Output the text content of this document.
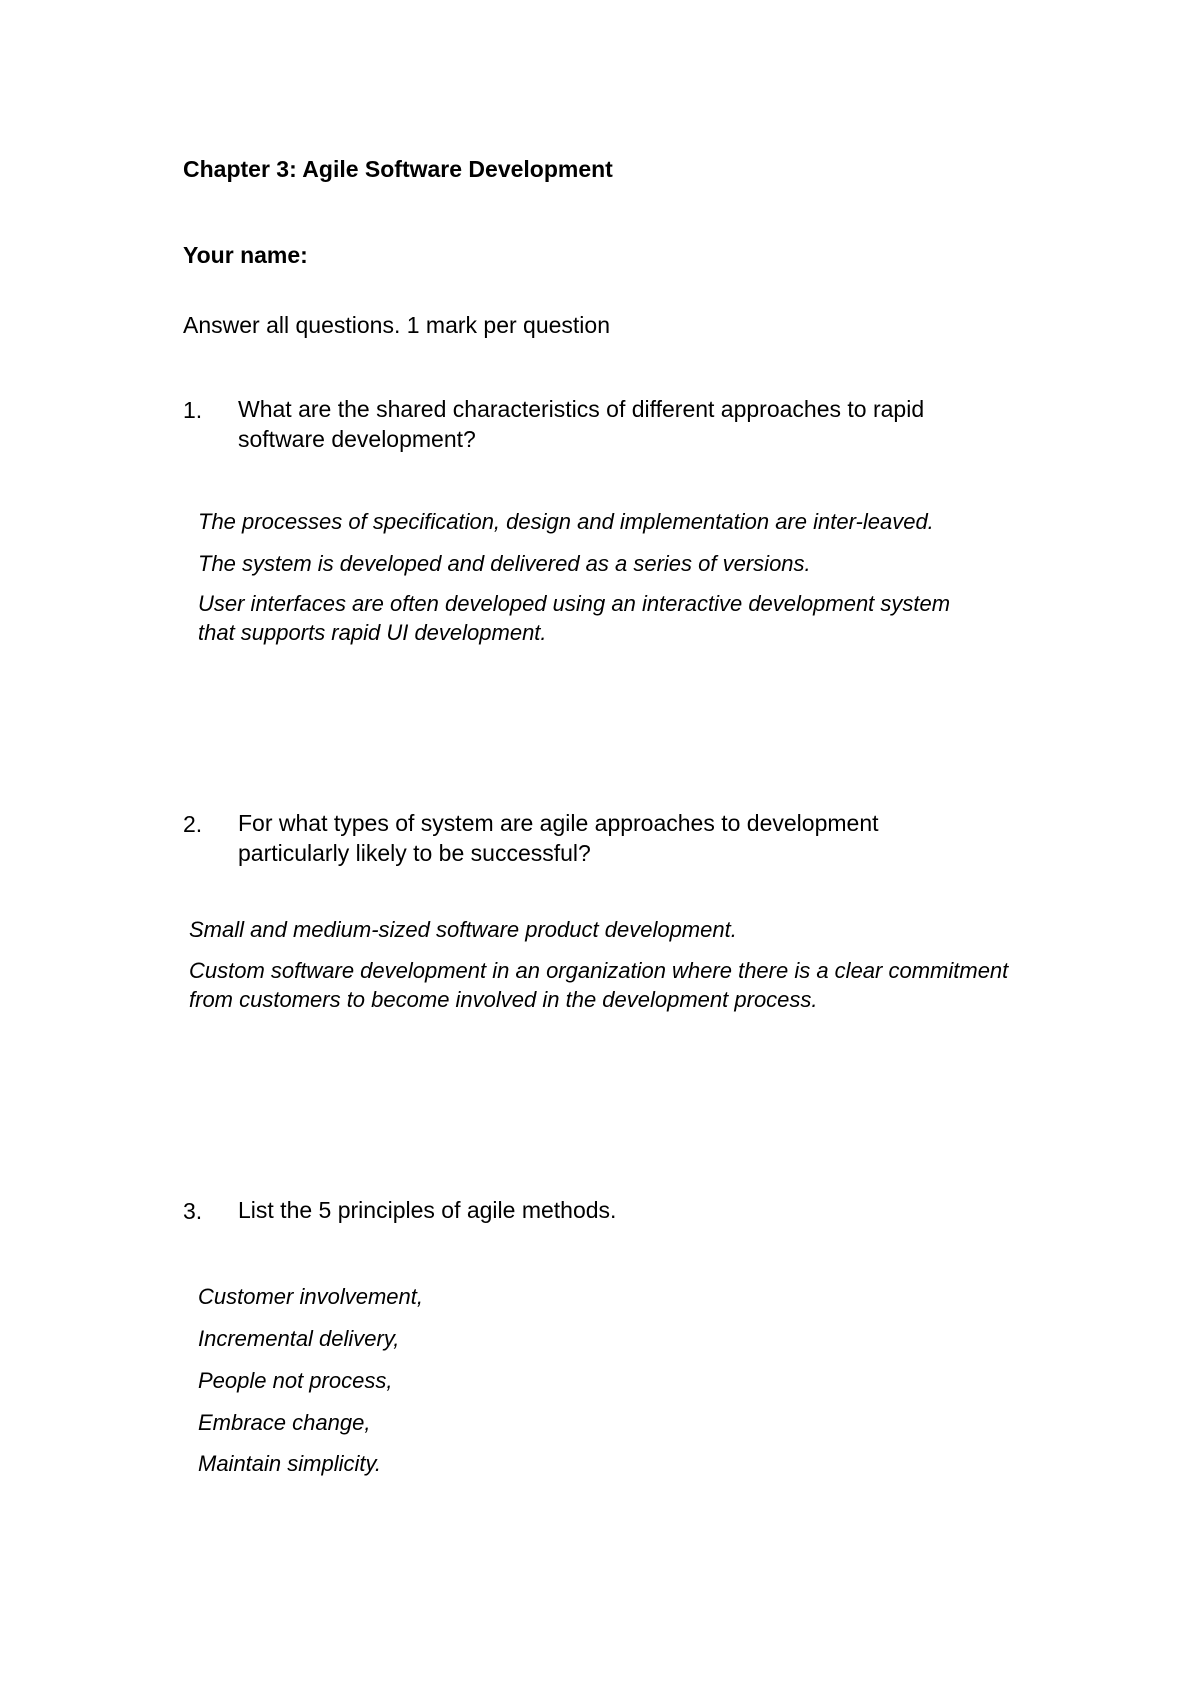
Chapter 3: Agile Software Development

Your name:

Answer all questions. 1 mark per question

1. What are the shared characteristics of different approaches to rapid software development?

The processes of specification, design and implementation are inter-leaved.

The system is developed and delivered as a series of versions.

User interfaces are often developed using an interactive development system that supports rapid UI development.

2. For what types of system are agile approaches to development particularly likely to be successful?

Small and medium-sized software product development.

Custom software development in an organization where there is a clear commitment from customers to become involved in the development process.

3. List the 5 principles of agile methods.

Customer involvement,

Incremental delivery,

People not process,

Embrace change,

Maintain simplicity.
